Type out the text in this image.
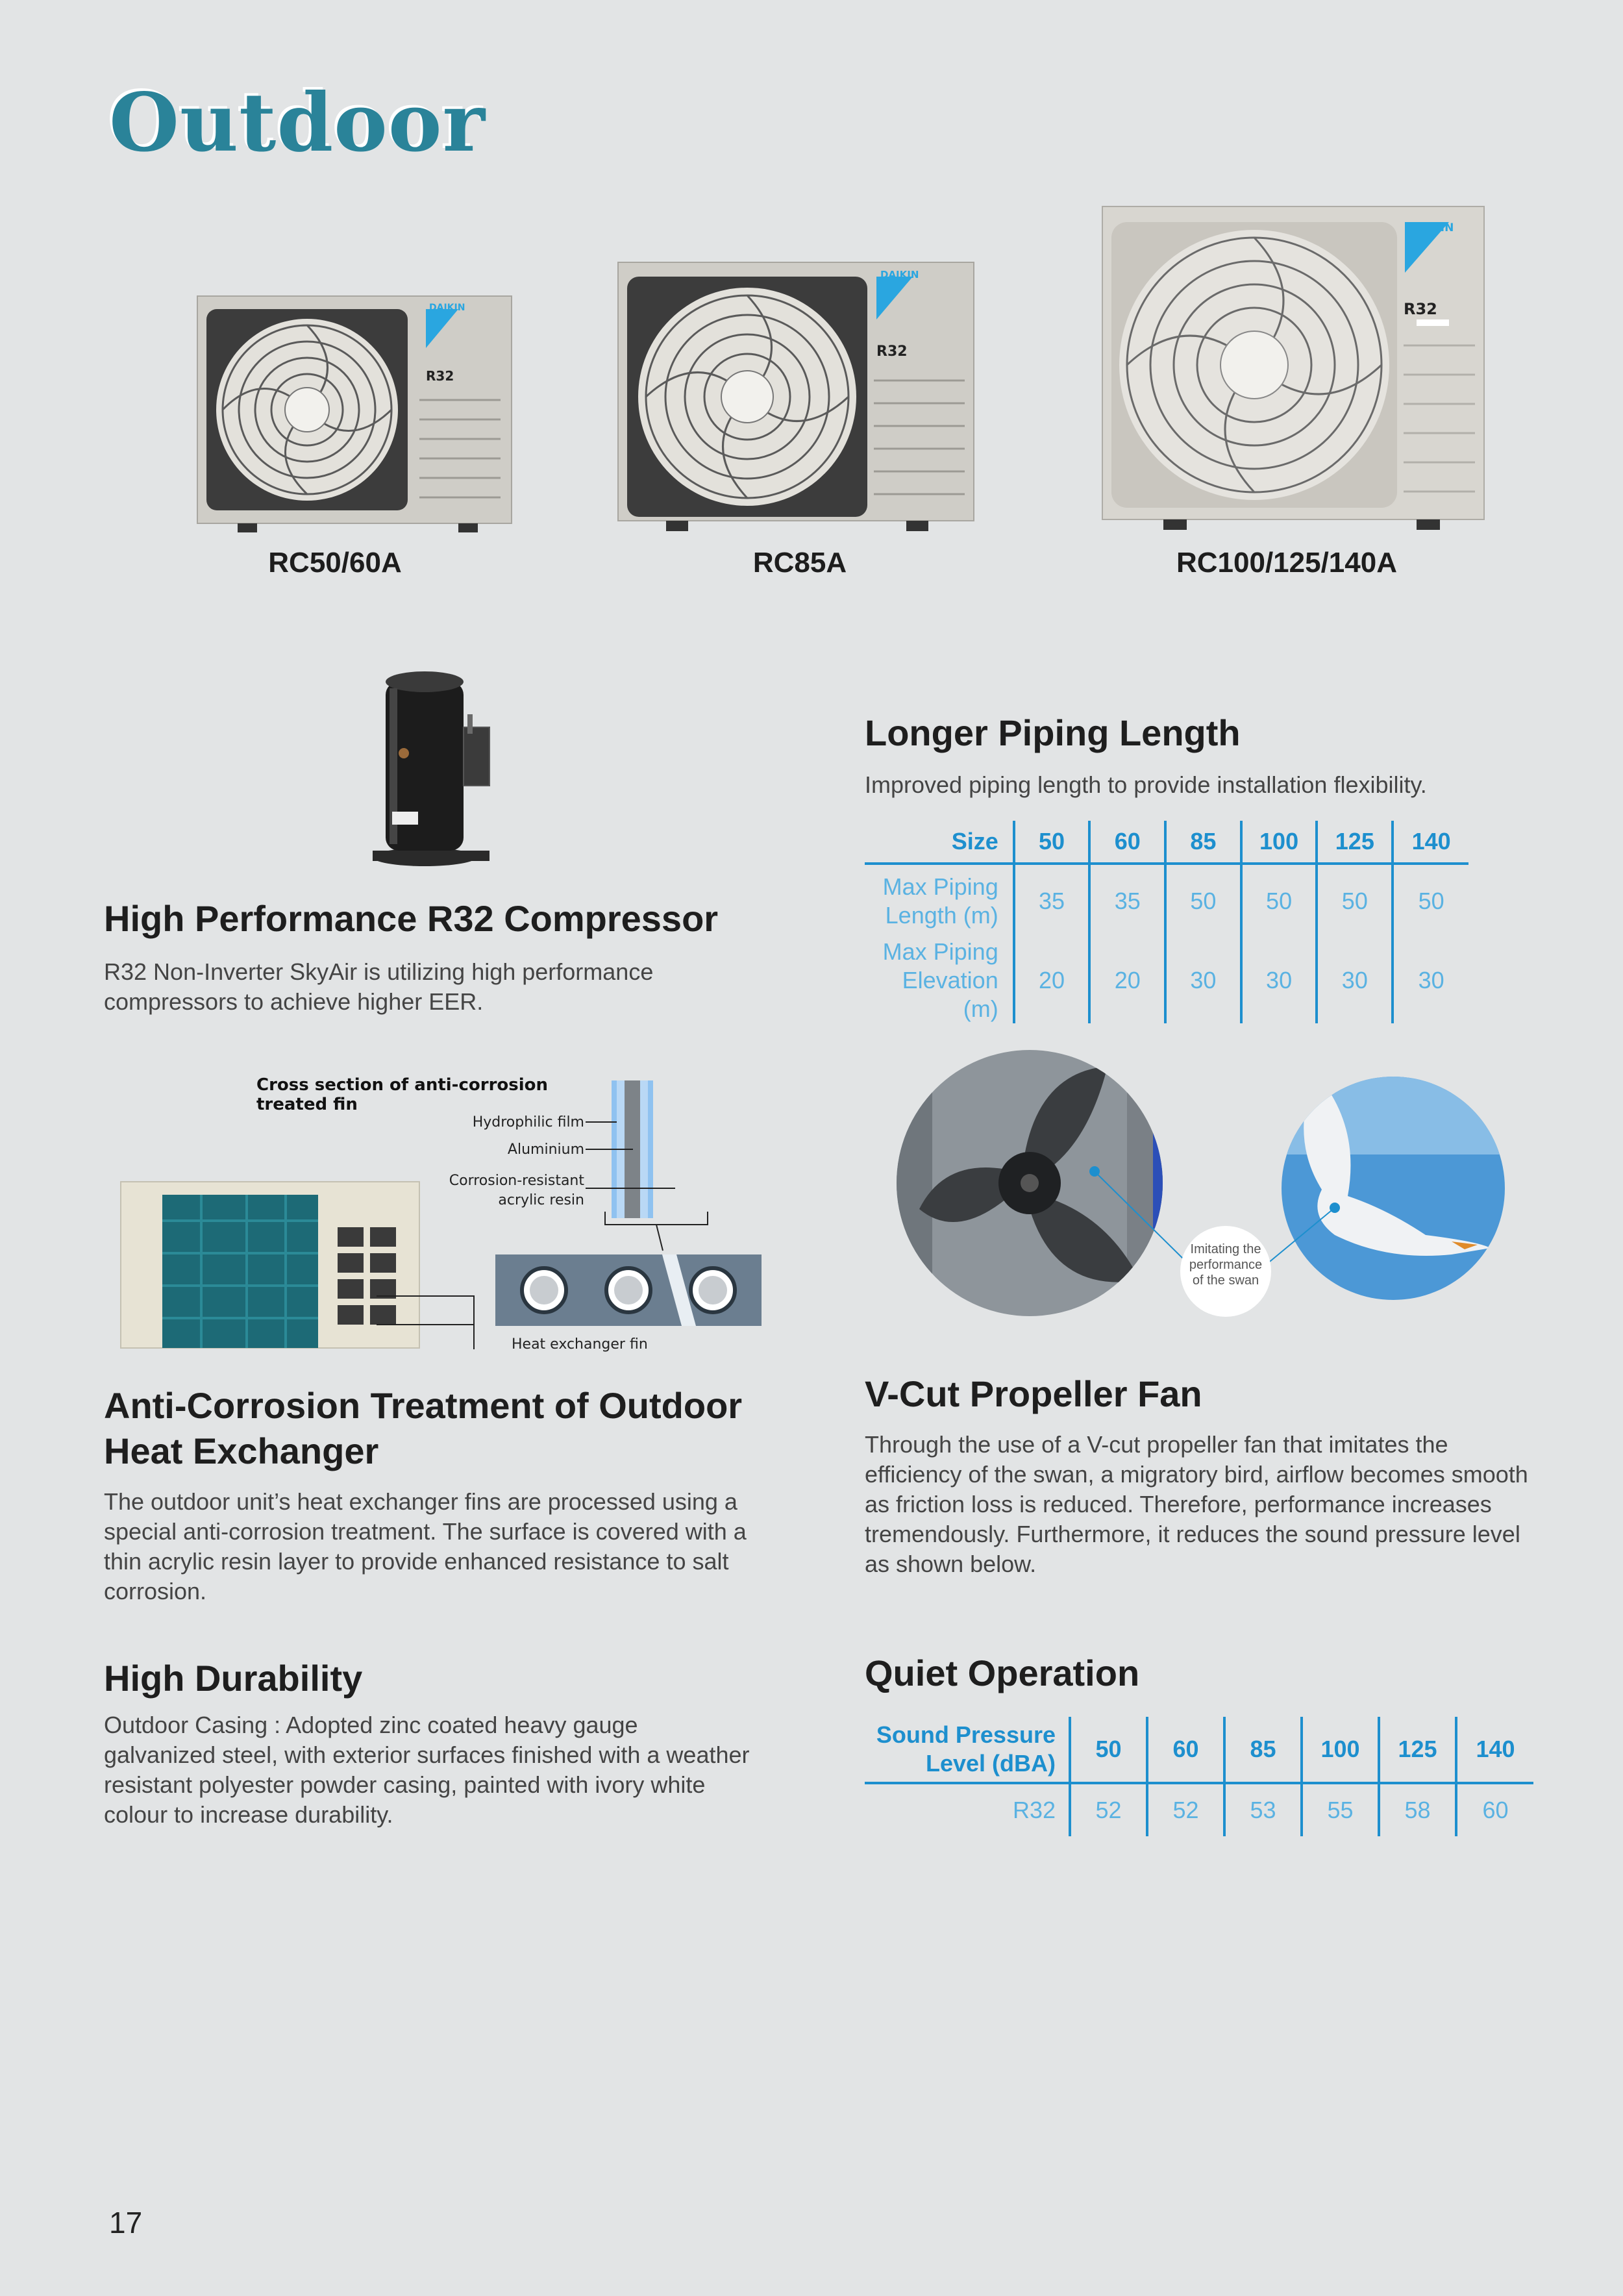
Outdoor
DAIKIN
R32
RC50/60A
DAIKIN
R32
RC85A
DAIKIN
R32
RC100/125/140A
High Performance R32 Compressor
R32 Non-Inverter SkyAir is utilizing high performance compressors to achieve higher EER.
Longer Piping Length
Improved piping length to provide installation flexibility.
Size	50	60	85	100	125	140
Max Piping Length (m)	35	35	50	50	50	50
Max Piping Elevation (m)	20	20	30	30	30	30
Cross section of anti-corrosion treated fin
Hydrophilic film
Aluminium
Corrosion-resistant acrylic resin
Heat exchanger fin
Anti-Corrosion Treatment of Outdoor Heat Exchanger
The outdoor unit’s heat exchanger fins are processed using a special anti-corrosion treatment. The surface is covered with a thin acrylic resin layer to provide enhanced resistance to salt corrosion.
Imitating the performance of the swan
V-Cut Propeller Fan
Through the use of a V-cut propeller fan that imitates the efficiency of the swan, a migratory bird, airflow becomes smooth as friction loss is reduced. Therefore, performance increases tremendously. Furthermore, it reduces the sound pressure level as shown below.
High Durability
Outdoor Casing : Adopted zinc coated heavy gauge galvanized steel, with exterior surfaces finished with a weather resistant polyester powder casing, painted with ivory white colour to increase durability.
Quiet Operation
Sound Pressure Level (dBA)	50	60	85	100	125	140
R32	52	52	53	55	58	60
17
